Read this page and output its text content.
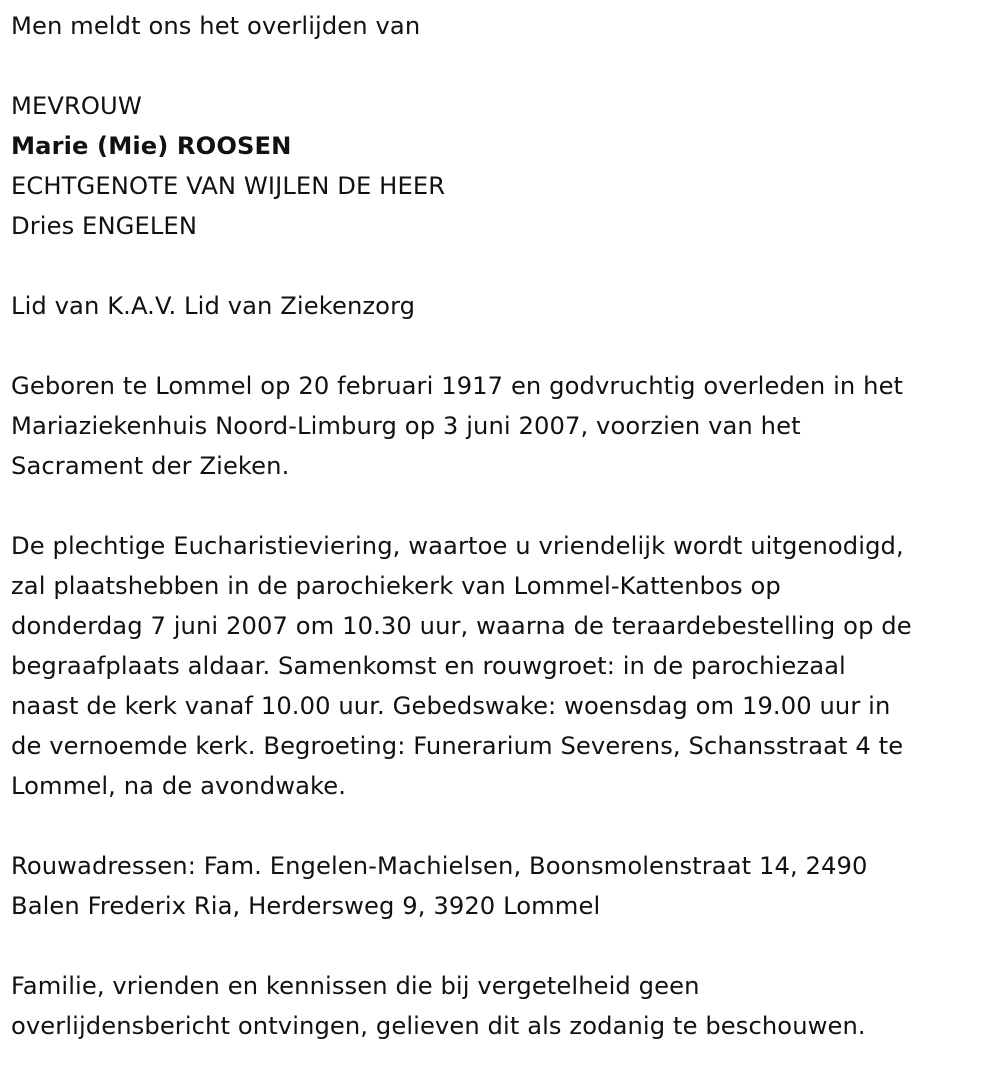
Men meldt ons het overlijden van
MEVROUW
Marie (Mie) ROOSEN
ECHTGENOTE VAN WIJLEN DE HEER
Dries ENGELEN
Lid van K.A.V. Lid van Ziekenzorg
Geboren te Lommel op 20 februari 1917 en godvruchtig overleden in het
Mariaziekenhuis Noord-Limburg op 3 juni 2007, voorzien van het
Sacrament der Zieken.
De plechtige Eucharistieviering, waartoe u vriendelijk wordt uitgenodigd,
zal plaatshebben in de parochiekerk van Lommel-Kattenbos op
donderdag 7 juni 2007 om 10.30 uur, waarna de teraardebestelling op de
begraafplaats aldaar. Samenkomst en rouwgroet: in de parochiezaal
naast de kerk vanaf 10.00 uur. Gebedswake: woensdag om 19.00 uur in
de vernoemde kerk. Begroeting: Funerarium Severens, Schansstraat 4 te
Lommel, na de avondwake.
Rouwadressen: Fam. Engelen-Machielsen, Boonsmolenstraat 14, 2490
Balen Frederix Ria, Herdersweg 9, 3920 Lommel
Familie, vrienden en kennissen die bij vergetelheid geen
overlijdensbericht ontvingen, gelieven dit als zodanig te beschouwen.
